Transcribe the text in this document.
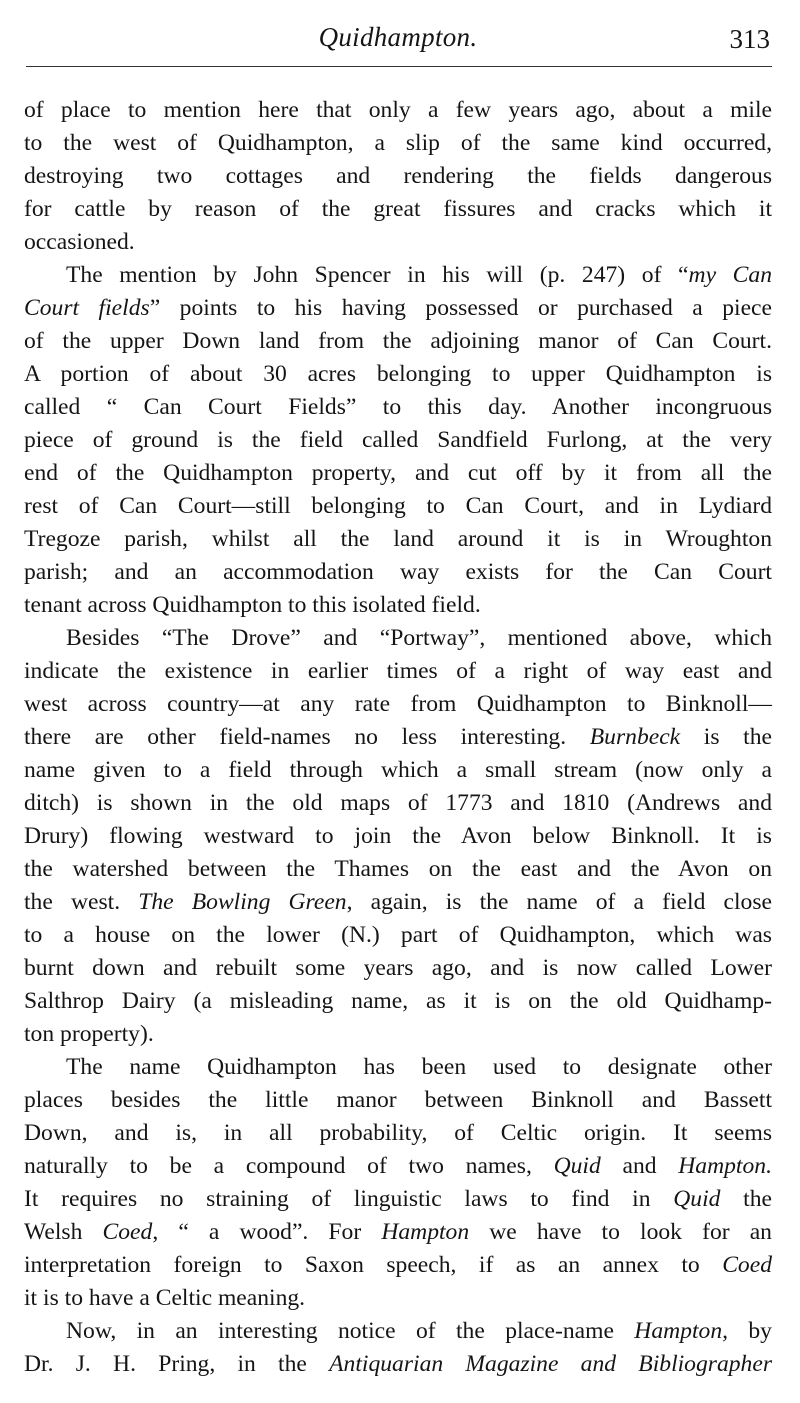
Quidhampton.	313

of place to mention here that only a few years ago, about a mile
to the west of Quidhampton, a slip of the same kind occurred,
destroying two cottages and rendering the fields dangerous
for cattle by reason of the great fissures and cracks which it
occasioned.

The mention by John Spencer in his will (p. 247) of “my Can
Court fields” points to his having possessed or purchased a piece
of the upper Down land from the adjoining manor of Can Court.
A portion of about 30 acres belonging to upper Quidhampton is
called “ Can Court Fields” to this day. Another incongruous
piece of ground is the field called Sandfield Furlong, at the very
end of the Quidhampton property, and cut off by it from all the
rest of Can Court—still belonging to Can Court, and in Lydiard
Tregoze parish, whilst all the land around it is in Wroughton
parish; and an accommodation way exists for the Can Court
tenant across Quidhampton to this isolated field.

Besides “The Drove” and “Portway”, mentioned above, which
indicate the existence in earlier times of a right of way east and
west across country—at any rate from Quidhampton to Binknoll—
there are other field-names no less interesting. Burnbeck is the
name given to a field through which a small stream (now only a
ditch) is shown in the old maps of 1773 and 1810 (Andrews and
Drury) flowing westward to join the Avon below Binknoll. It is
the watershed between the Thames on the east and the Avon on
the west. The Bowling Green, again, is the name of a field close
to a house on the lower (N.) part of Quidhampton, which was
burnt down and rebuilt some years ago, and is now called Lower
Salthrop Dairy (a misleading name, as it is on the old Quidhamp-
ton property).

The name Quidhampton has been used to designate other
places besides the little manor between Binknoll and Bassett
Down, and is, in all probability, of Celtic origin. It seems
naturally to be a compound of two names, Quid and Hampton.
It requires no straining of linguistic laws to find in Quid the
Welsh Coed, “ a wood”. For Hampton we have to look for an
interpretation foreign to Saxon speech, if as an annex to Coed
it is to have a Celtic meaning.

Now, in an interesting notice of the place-name Hampton, by
Dr. J. H. Pring, in the Antiquarian Magazine and Bibliographer
